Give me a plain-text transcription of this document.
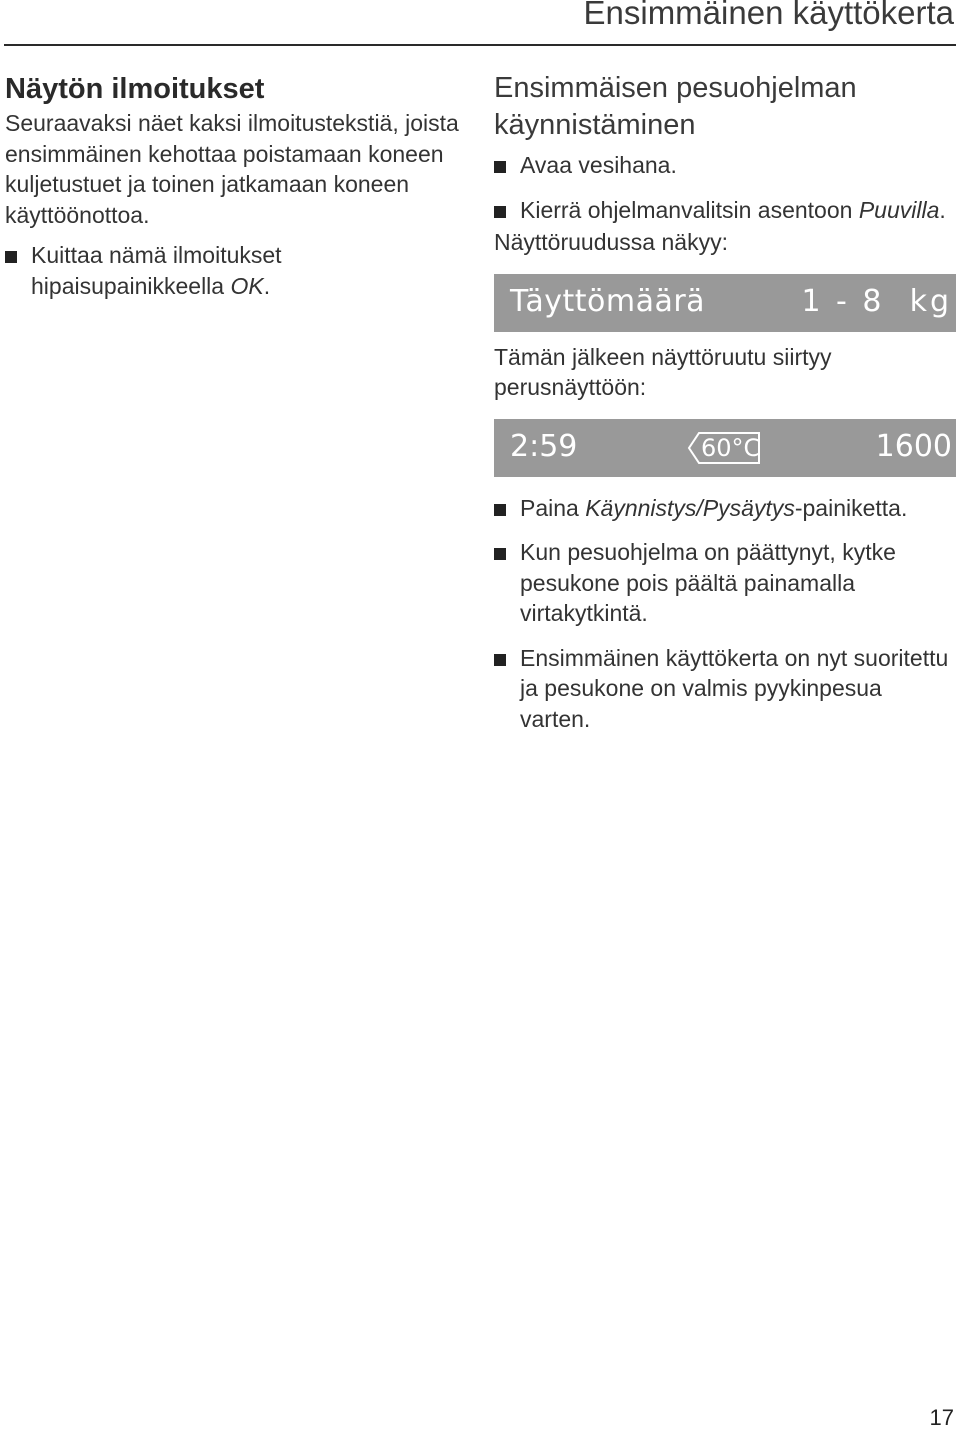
Ensimmäinen käyttökerta
Näytön ilmoitukset

Seuraavaksi näet kaksi ilmoitustekstiä, joista ensimmäinen kehottaa poistamaan koneen kuljetustuet ja toinen jatkamaan koneen käyttöönottoa.

Kuittaa nämä ilmoitukset hipaisupainikkeella OK.
Ensimmäisen pesuohjelman käynnistäminen
Avaa vesihana.
Kierrä ohjelmanvalitsin asentoon Puuvilla.

Näyttöruudussa näkyy:

Täyttömäärä	1 - 8  kg

Tämän jälkeen näyttöruutu siirtyy perusnäyttöön:

2:59	60°C	1600
Paina Käynnistys/Pysäytys-painiketta.
Kun pesuohjelma on päättynyt, kytke pesukone pois päältä painamalla virtakytkintä.
Ensimmäinen käyttökerta on nyt suoritettu ja pesukone on valmis pyykinpesua varten.
17
